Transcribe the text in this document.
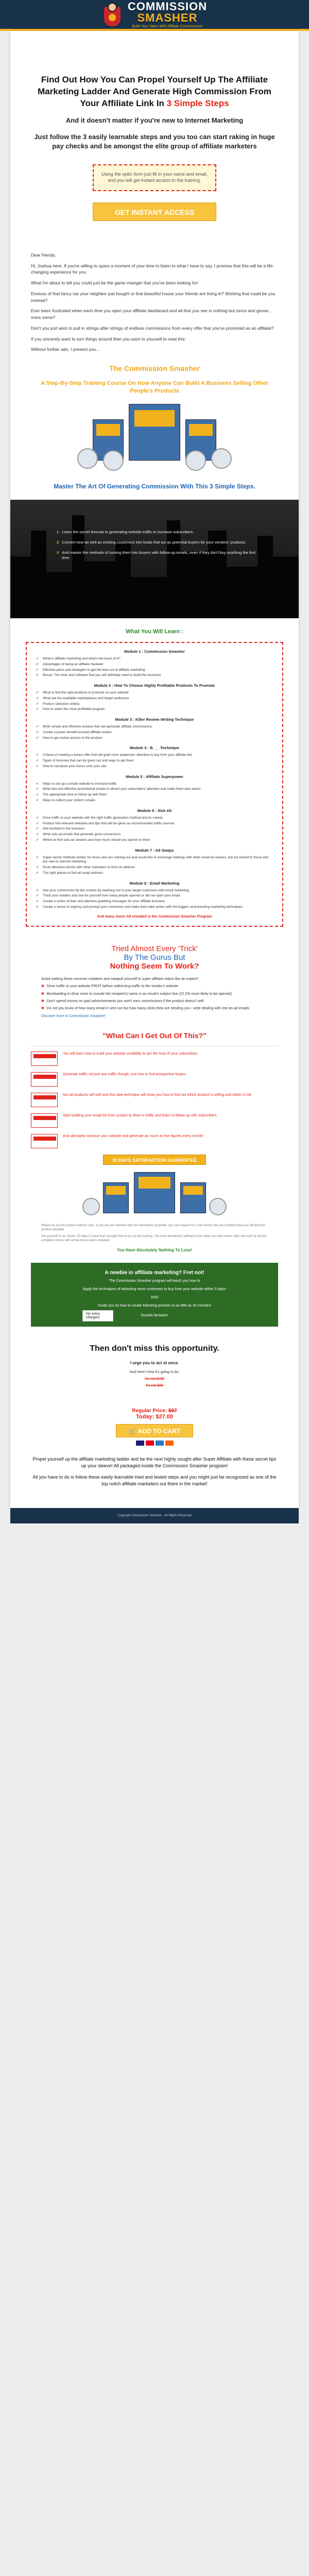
COMMISSION
SMASHER
Build Your Sales With Affiliate Commissions!
Find Out How You Can Propel Yourself Up The Affiliate Marketing Ladder And Generate High Commission From Your Affiliate Link In 3 Simple Steps
And it doesn't matter if you're new to Internet Marketing
Just follow the 3 easily learnable steps and you too can start raking in huge pay checks and be amongst the elite group of affiliate marketers
Using the optin form just fill in your name and email, and you will get instant access to the training.
GET INSTANT ACCESS

Dear friends,

Hi, Joshua here. If you're willing to spare a moment of your time to listen to what I have to say, I promise that this will be a life-changing experience for you.

What I'm about to tell you could just be the game changer that you've been looking for!

Envious of that fancy car your neighbor just bought or that beautiful house your friends are living in? Wishing that could be you instead?

Ever been frustrated when each time you open your affiliate dashboard and all that you see is nothing but zeros and goose… more zeros?

Don't you just wish to pull in strings after strings of endless commissions from every offer that you've promoted as an affiliate?

If you sincerely want to turn things around then you want to yourself to read this:

Without further ado, I present you...

The Commission Smasher
A Step-By-Step Training Course On How Anyone Can Build A Business Selling Other People's Products
Master The Art Of Generating Commission With This 3 Simple Steps.
1 Learn the secret formula to generating website traffic to increase subscribers.
2 Convert new as well as existing customers into leads that act as potential buyers for your vendors' products.
3 And master the methods of turning them into buyers with follow-up emails, even if they don't buy anything the first time.
What You Will Learn :
Module 1 : Commission Smasher
✔	What is affiliate marketing and what's the basis of it?
✔	Advantages of being an affiliate marketer
✔	Effective plans and strategies to get the best out of affiliate marketing
✔	Bonus: The tools and software that you will definitely need to build this business
Module 2 : How To Choose Highly Profitable Products To Promote
✔	What to find the right products to promote on your website
✔	What are the available marketplaces and target audiences
✔	Product selection criteria
✔	How to select the most profitable program
Module 3 : Killer Review Writing Technique
✔	Write simple and effective reviews that can generate affiliate commissions
✔	Create a power benefit-focused affiliate review
✔	How to get review access to the product
Module 4 : B___ Technique
✔	Criteria of creating a bonus offer that will grab more audiences' attention to buy from your affiliate link
✔	Types of bonuses that can be given out and ways to get them
✔	How to introduce your bonus onto your site
Module 5 : Affiliate Superpower
✔	Ways to set up a simple website to increase traffic
✔	Write fast and effective promotional emails to attract your subscribers' attention and make them take action
✔	The appropriate time to follow up with them
✔	Ways to collect your visitors' emails
Module 6 : Sick Alt
✔	Drive traffic to your website with the right traffic generation method and its criteria
✔	Product info-relevant websites and tips that will be given as recommended traffic sources
✔	Get involved in the business
✔	Write solo ad emails that generate good conversions
✔	Where to find solo ad vendors and how much should you spend on them
Module 7 : Ad Swaps
✔	Super secret methods written for those who are starting out and would like to exchange mailings with other email list owners, but not limited to those who are new to internet marketing
✔	Grow attractive bonds with other marketers to form an alliance
✔	The right places to find ad swap partners
Module 8 : Email Marketing
✔	See your commission fly like rockets by reaching out to your target customers with email marketing
✔	Track your readers and see for yourself how many people opened or did not open your email
✔	Create a series of lean and attention-grabbing messages for your affiliate business
✔	Create a sense of urgency and prompt your customers and make them take action with the triggers and branding marketing techniques
And many more! All revealed in the Commission Smasher Program
Tried Almost Every 'Trick'
By The Gurus But
Nothing Seem To Work?

Avoid making these common mistakes and catapult yourself to super affiliate status like an expert!!

✖ Drive traffic to your website FIRST before redirecting traffic to the vendor's website
✖ Bombarding in-drive more to include the recipient's name in an email's subject line (22.2% more likely to be opened)
✖ Don't spend money on paid advertisements you won't earn commissions if the product doesn't sell!
✖ Do not you know of how many email in sent out but how many clicks they are sending you - write dealing with into an ad emails
Discover more in Commission Smasher!
"What Can I Get Out Of This?"
You will learn how to build your website credibility to win the trust of your subscribers
Generate traffic not just any traffic though, just how to find prospective buyers
Not all products sell well and this step technique will show you how to find out which product is selling and which is not
Start building your email list from scratch to drive in traffic and listen to follow up with subscribers
And ultimately increase your website and generate as much as five figures every month!
30 DAYS SATISFACTION GUARANTEE

Please try out the product without risks. If you are not satisfied with the information provided, you can request for a full refund. We are confident that you will find this product valuable.

Put yourself in our shoes: 30 days is more than enough time to try out the training. You have absolutely nothing to lose when you take action right now and try out the complete course with all the bonus items included.

You Have Absolutely Nothing To Lose!
A newbie in affiliate marketing? Fret not!

The Commission Smasher program will teach you how to

Apply the techniques of attracting more customers to buy from your website within 3 days!

AND

Guide you on how to create following promise to as little as 30 minutes!

Sounds fantastic!

No extra charges!
Then don't miss this opportunity.
I urge you to act at once.
And here's how it's going to be:
It's not $199
It's not $99
Regular Price: $97
Today: $27.00
🛒 ADD TO CART

Propel yourself up the affiliate marketing ladder and be the next highly sought after Super Affiliate with these secret tips up your sleeve! All packaged inside the Commission Smasher program!

All you have to do is follow these easily learnable tried and tested steps and you might just be recognized as one of the top notch affiliate marketers out there in the market!

Copyright Commission Smasher - All Rights Reserved
